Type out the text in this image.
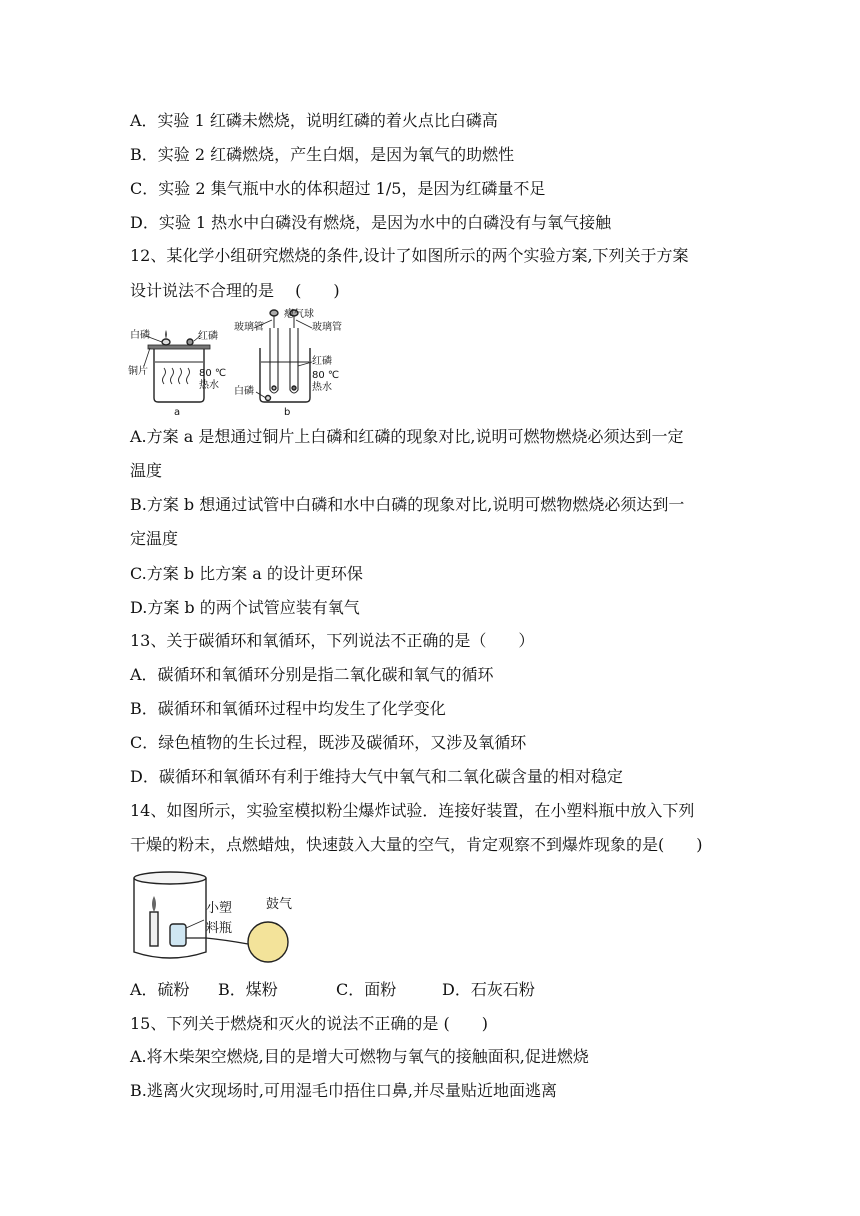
A．实验 1 红磷未燃烧，说明红磷的着火点比白磷高
B．实验 2 红磷燃烧，产生白烟，是因为氧气的助燃性
C．实验 2 集气瓶中水的体积超过 1/5，是因为红磷量不足
D．实验 1 热水中白磷没有燃烧，是因为水中的白磷没有与氧气接触
12、某化学小组研究燃烧的条件,设计了如图所示的两个实验方案,下列关于方案
设计说法不合理的是　 (　　)
白磷	红磷
铜片	80 ℃
热水
a
瘪气球
玻璃管	玻璃管
红磷
80 ℃
热水
白磷
b
A.方案 a 是想通过铜片上白磷和红磷的现象对比,说明可燃物燃烧必须达到一定
温度
B.方案 b 想通过试管中白磷和水中白磷的现象对比,说明可燃物燃烧必须达到一
定温度
C.方案 b 比方案 a 的设计更环保
D.方案 b 的两个试管应装有氧气
13、关于碳循环和氧循环，下列说法不正确的是（　　）
A．碳循环和氧循环分别是指二氧化碳和氧气的循环
B．碳循环和氧循环过程中均发生了化学变化
C．绿色植物的生长过程，既涉及碳循环，又涉及氧循环
D．碳循环和氧循环有利于维持大气中氧气和二氧化碳含量的相对稳定
14、如图所示，实验室模拟粉尘爆炸试验．连接好装置，在小塑料瓶中放入下列
干燥的粉末，点燃蜡烛，快速鼓入大量的空气，肯定观察不到爆炸现象的是(　　)
小塑
料瓶
鼓气
A．硫粉 B．煤粉	C．面粉	D．石灰石粉
15、下列关于燃烧和灭火的说法不正确的是 (　　)
A.将木柴架空燃烧,目的是增大可燃物与氧气的接触面积,促进燃烧
B.逃离火灾现场时,可用湿毛巾捂住口鼻,并尽量贴近地面逃离
